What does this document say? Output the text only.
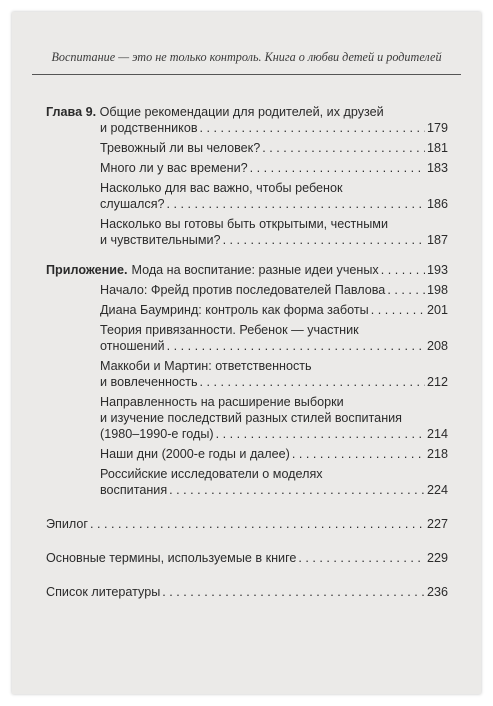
Воспитание — это не только контроль. Книга о любви детей и родителей
Глава 9. Общие рекомендации для родителей, их друзей
и родственников . . .	179
Тревожный ли вы человек? . . .	181
Много ли у вас времени? . . .	183
Насколько для вас важно, чтобы ребенок
слушался? . . .	186
Насколько вы готовы быть открытыми, честными
и чувствительными? . . .	187
Приложение. Мода на воспитание: разные идеи ученых . . .	193
Начало: Фрейд против последователей Павлова . . .	198
Диана Баумринд: контроль как форма заботы . . .	201
Теория привязанности. Ребенок — участник
отношений . . .	208
Маккоби и Мартин: ответственность
и вовлеченность . . .	212
Направленность на расширение выборки
и изучение последствий разных стилей воспитания
(1980–1990-е годы) . . .	214
Наши дни (2000-е годы и далее) . . .	218
Российские исследователи о моделях
воспитания . . .	224
Эпилог . . .	227
Основные термины, используемые в книге . . .	229
Список литературы . . .	236
